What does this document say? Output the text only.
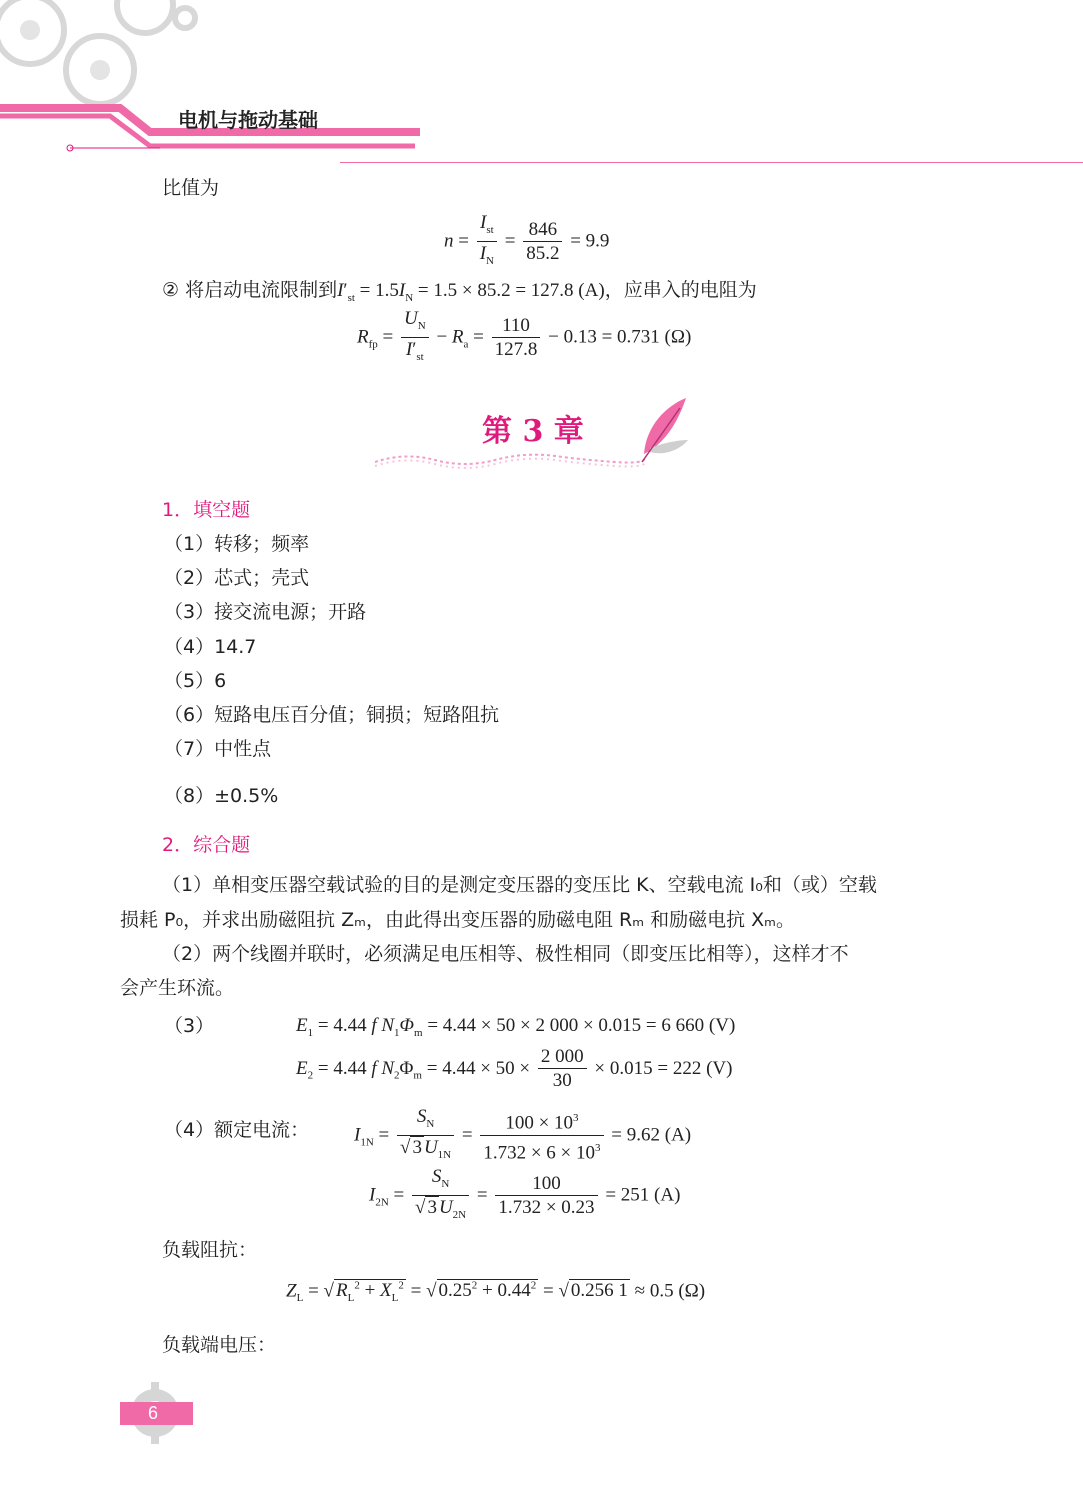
电机与拖动基础
比值为
$n = \frac{I_{st}}{I_N} = \frac{846}{85.2} = 9.9$
② 将启动电流限制到$I'_{st} = 1.5I_N = 1.5 \times 85.2 = 127.8$ (A)，应串入的电阻为
$R_{fp} = \frac{U_N}{I'_{st}} - R_a = \frac{110}{127.8} - 0.13 = 0.731$ (Ω)
第 3 章
1．填空题
（1）转移；频率
（2）芯式；壳式
（3）接交流电源；开路
（4）14.7
（5）6
（6）短路电压百分值；铜损；短路阻抗
（7）中性点
（8）±0.5%
2．综合题
（1）单相变压器空载试验的目的是测定变压器的变压比 K、空载电流 I₀和（或）空载
损耗 P₀，并求出励磁阻抗 Zₘ，由此得出变压器的励磁电阻 Rₘ 和励磁电抗 Xₘ。
（2）两个线圈并联时，必须满足电压相等、极性相同（即变压比相等），这样才不
会产生环流。
（3）	$E_1 = 4.44$ f $N_1\Phi_m = 4.44 \times 50 \times 2$ 000 × 0.015 = 6 660 (V)
$E_2 = 4.44$ f $N_2\Phi_m = 4.44 \times 50 \times \frac{2 000}{30} \times 0.015 = 222$ (V)
（4）额定电流： $I_{1N} = \frac{S_N}{√ 3 U_{1N}} = \frac{100 \times 10^3}{1.732 \times 6 \times 10^3} = 9.62$ (A)
$I_{2N} = \frac{S_N}{√ 3 U_{2N}} = \frac{100}{1.732 \times 0.23} = 251$ (A)
负载阻抗：
$Z_L$ = √ $R_L^2 + X_L^2$ = √ $0.25^2 + 0.44^2$ = √ 0.256 1 ≈ 0.5 (Ω)
负载端电压：
6
